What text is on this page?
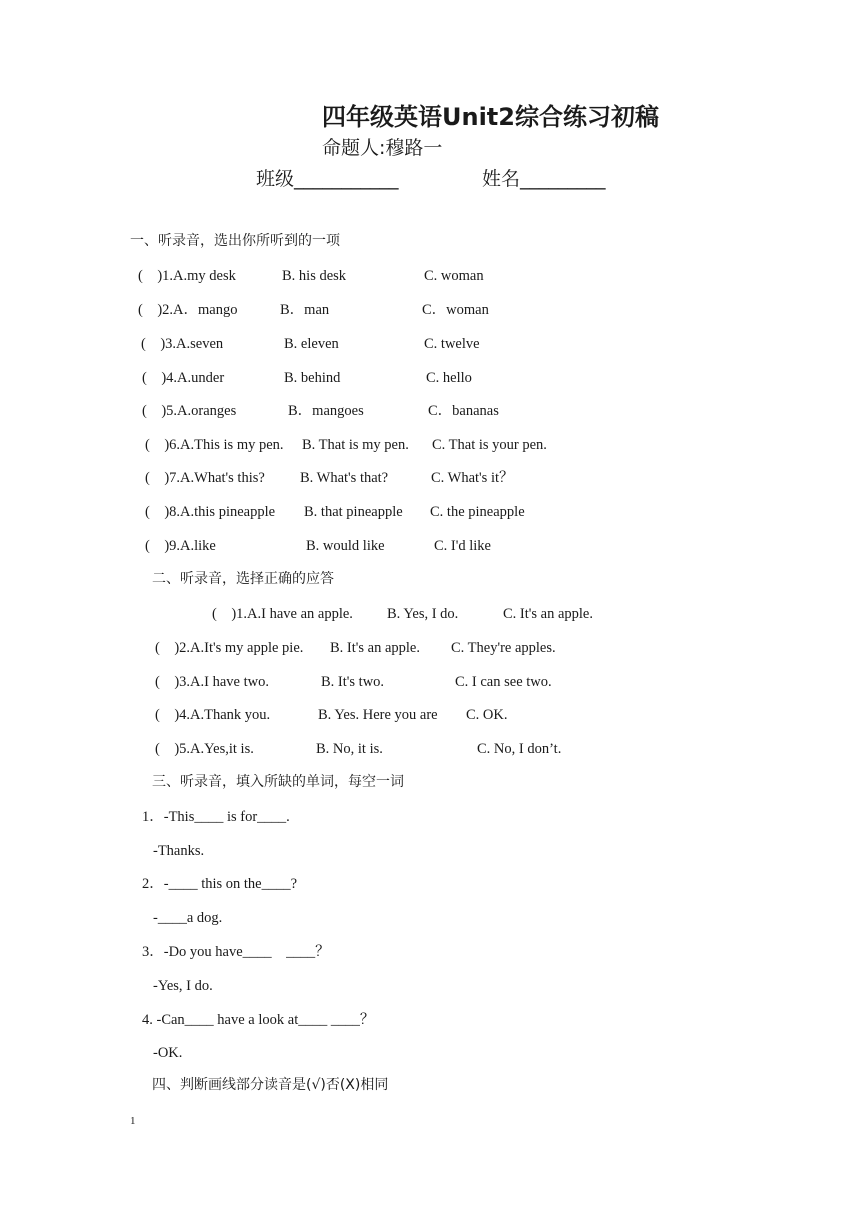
四年级英语Unit2综合练习初稿
命题人:穆路一
班级___________	姓名_________
一、听录音，选出你所听到的一项
(    )1.A.my desk	B. his desk	C. woman
(    )2.A．mango	B．man	C．woman
(    )3.A.seven	B. eleven	C. twelve
(    )4.A.under	B. behind	C. hello
(    )5.A.oranges	B．mangoes	C．bananas
(    )6.A.This is my pen. B. That is my pen. C. That is your pen.
(    )7.A.What's this? B. What's that?	C. What's it？
(    )8.A.this pineapple B. that pineapple C. the pineapple
(    )9.A.like	B. would like	C. I'd like
二、听录音，选择正确的应答
(    )1.A.I have an apple. B. Yes, I do.	C. It's an apple.
(    )2.A.It's my apple pie. B. It's an apple. C. They're apples.
(    )3.A.I have two.	B. It's two.	C. I can see two.
(    )4.A.Thank you.	B. Yes. Here you are C. OK.
(    )5.A.Yes,it is.	B. No, it is.	C. No, I don’t.
三、听录音，填入所缺的单词，每空一词
1．-This____ is for____.
-Thanks.
2．-____ this on the____?
-____a dog.
3．-Do you have____    ____？
-Yes, I do.
4. -Can____ have a look at____ ____？
-OK.
四、判断画线部分读音是(√)否(X)相同
1
